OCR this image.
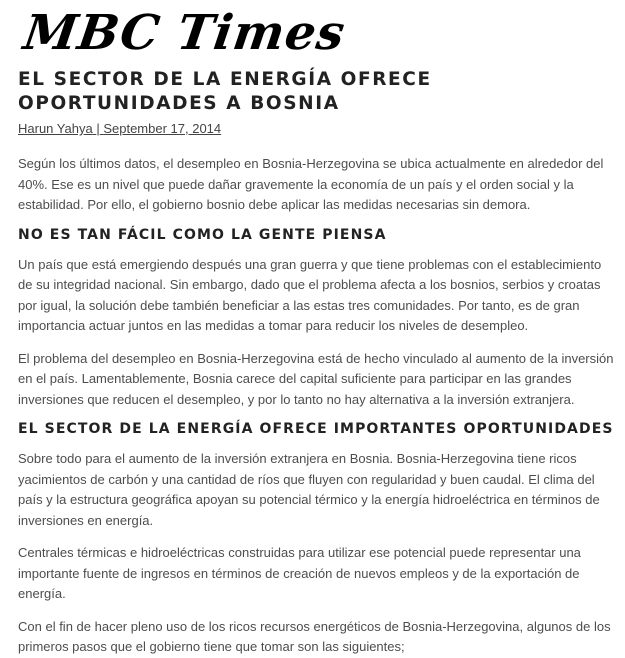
MBC Times
EL SECTOR DE LA ENERGÍA OFRECE OPORTUNIDADES A BOSNIA
Harun Yahya | September 17, 2014

Según los últimos datos, el desempleo en Bosnia-Herzegovina se ubica actualmente en alrededor del 40%. Ese es un nivel que puede dañar gravemente la economía de un país y el orden social y la estabilidad. Por ello, el gobierno bosnio debe aplicar las medidas necesarias sin demora.

NO ES TAN FÁCIL COMO LA GENTE PIENSA

Un país que está emergiendo después una gran guerra y que tiene problemas con el establecimiento de su integridad nacional. Sin embargo, dado que el problema afecta a los bosnios, serbios y croatas por igual, la solución debe también beneficiar a las estas tres comunidades. Por tanto, es de gran importancia actuar juntos en las medidas a tomar para reducir los niveles de desempleo.

El problema del desempleo en Bosnia-Herzegovina está de hecho vinculado al aumento de la inversión en el país. Lamentablemente, Bosnia carece del capital suficiente para participar en las grandes inversiones que reducen el desempleo, y por lo tanto no hay alternativa a la inversión extranjera.

EL SECTOR DE LA ENERGÍA OFRECE IMPORTANTES OPORTUNIDADES

Sobre todo para el aumento de la inversión extranjera en Bosnia. Bosnia-Herzegovina tiene ricos yacimientos de carbón y una cantidad de ríos que fluyen con regularidad y buen caudal. El clima del país y la estructura geográfica apoyan su potencial térmico y la energía hidroeléctrica en términos de inversiones en energía.

Centrales térmicas e hidroeléctricas construidas para utilizar ese potencial puede representar una importante fuente de ingresos en términos de creación de nuevos empleos y de la exportación de energía.

Con el fin de hacer pleno uso de los ricos recursos energéticos de Bosnia-Herzegovina, algunos de los primeros pasos que el gobierno tiene que tomar son las siguientes;
